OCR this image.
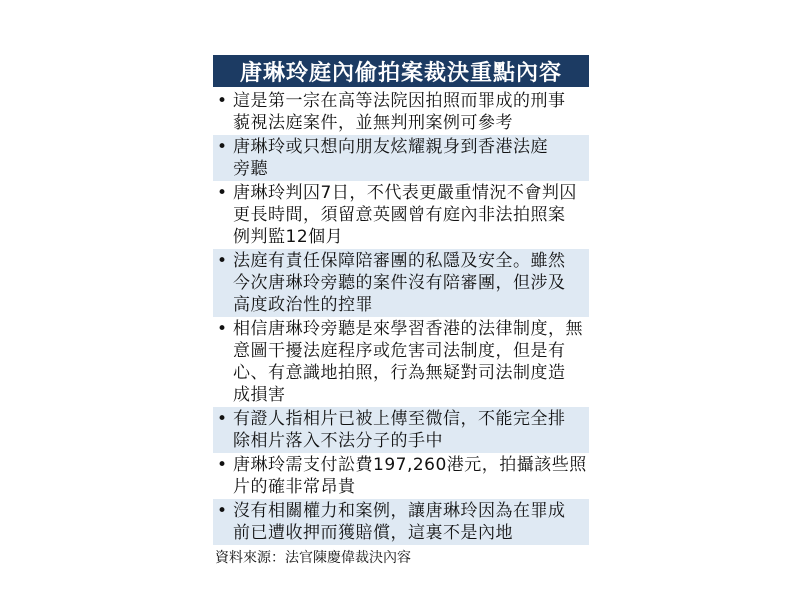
唐琳玲庭內偷拍案裁決重點內容
• 這是第一宗在高等法院因拍照而罪成的刑事
藐視法庭案件，並無判刑案例可參考
• 唐琳玲或只想向朋友炫耀親身到香港法庭
旁聽
• 唐琳玲判囚7日，不代表更嚴重情況不會判囚
更長時間，須留意英國曾有庭內非法拍照案
例判監12個月
• 法庭有責任保障陪審團的私隱及安全。雖然
今次唐琳玲旁聽的案件沒有陪審團，但涉及
高度政治性的控罪
• 相信唐琳玲旁聽是來學習香港的法律制度，無
意圖干擾法庭程序或危害司法制度，但是有
心、有意識地拍照，行為無疑對司法制度造
成損害
• 有證人指相片已被上傳至微信，不能完全排
除相片落入不法分子的手中
• 唐琳玲需支付訟費197,260港元，拍攝該些照
片的確非常昂貴
• 沒有相關權力和案例，讓唐琳玲因為在罪成
前已遭收押而獲賠償，這裏不是內地
資料來源：法官陳慶偉裁決內容
